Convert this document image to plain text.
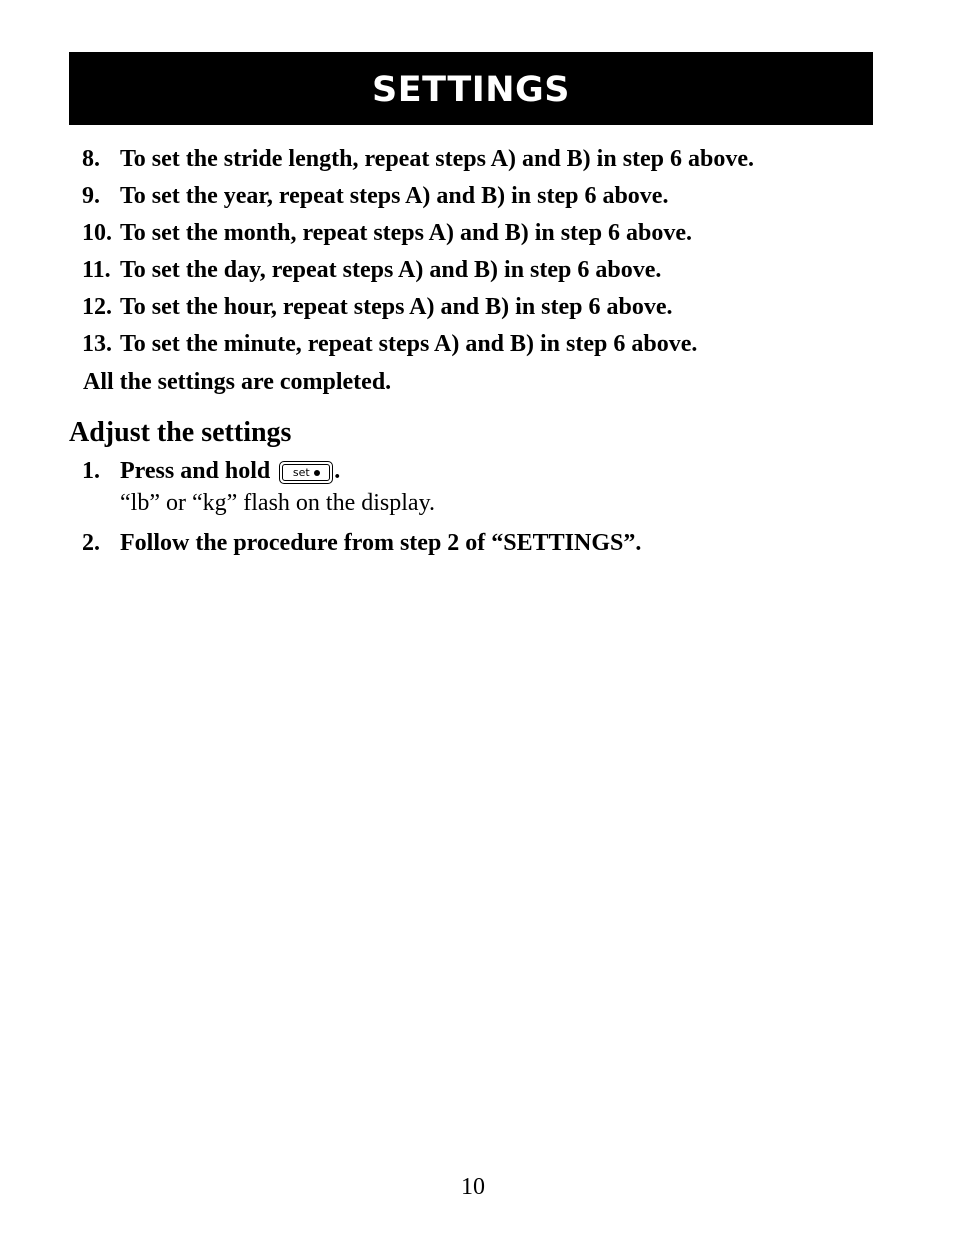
SETTINGS
8. To set the stride length, repeat steps A) and B) in step 6 above.
9. To set the year, repeat steps A) and B) in step 6 above.
10. To set the month, repeat steps A) and B) in step 6 above.
11. To set the day, repeat steps A) and B) in step 6 above.
12. To set the hour, repeat steps A) and B) in step 6 above.
13. To set the minute, repeat steps A) and B) in step 6 above.
All the settings are completed.
Adjust the settings
1. Press and hold set .
“lb” or “kg” flash on the display.
2. Follow the procedure from step 2 of “SETTINGS”.
10
